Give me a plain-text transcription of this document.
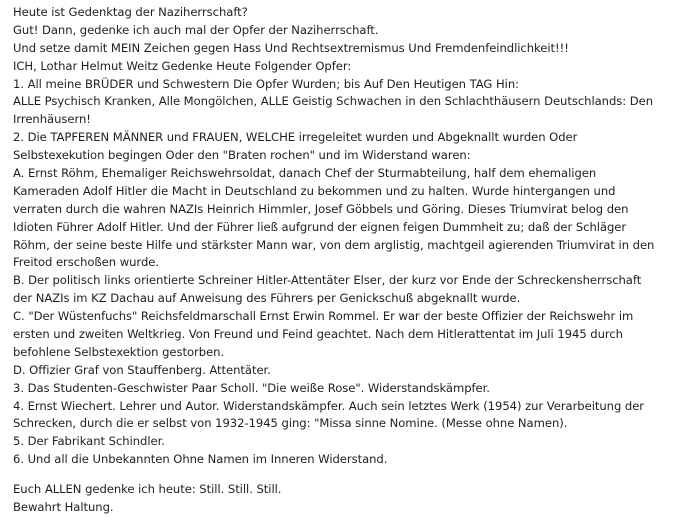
Heute ist Gedenktag der Naziherrschaft?
Gut! Dann, gedenke ich auch mal der Opfer der Naziherrschaft.
Und setze damit MEIN Zeichen gegen Hass Und Rechtsextremismus Und Fremdenfeindlichkeit!!!
ICH, Lothar Helmut Weitz Gedenke Heute Folgender Opfer:
1. All meine BRÜDER und Schwestern Die Opfer Wurden; bis Auf Den Heutigen TAG Hin:
ALLE Psychisch Kranken, Alle Mongölchen, ALLE Geistig Schwachen in den Schlachthäusern Deutschlands: Den
Irrenhäusern!
2. Die TAPFEREN MÄNNER und FRAUEN, WELCHE irregeleitet wurden und Abgeknallt wurden Oder
Selbstexekution begingen Oder den "Braten rochen" und im Widerstand waren:
A. Ernst Röhm, Ehemaliger Reichswehrsoldat, danach Chef der Sturmabteilung, half dem ehemaligen
Kameraden Adolf Hitler die Macht in Deutschland zu bekommen und zu halten. Wurde hintergangen und
verraten durch die wahren NAZIs Heinrich Himmler, Josef Göbbels und Göring. Dieses Triumvirat belog den
Idioten Führer Adolf Hitler. Und der Führer ließ aufgrund der eignen feigen Dummheit zu; daß der Schläger
Röhm, der seine beste Hilfe und stärkster Mann war, von dem arglistig, machtgeil agierenden Triumvirat in den
Freitod erschoßen wurde.
B. Der politisch links orientierte Schreiner Hitler-Attentäter Elser, der kurz vor Ende der Schreckensherrschaft
der NAZIs im KZ Dachau auf Anweisung des Führers per Genickschuß abgeknallt wurde.
C. "Der Wüstenfuchs" Reichsfeldmarschall Ernst Erwin Rommel. Er war der beste Offizier der Reichswehr im
ersten und zweiten Weltkrieg. Von Freund und Feind geachtet. Nach dem Hitlerattentat im Juli 1945 durch
befohlene Selbstexektion gestorben.
D. Offizier Graf von Stauffenberg. Attentäter.
3. Das Studenten-Geschwister Paar Scholl. "Die weiße Rose". Widerstandskämpfer.
4. Ernst Wiechert. Lehrer und Autor. Widerstandskämpfer. Auch sein letztes Werk (1954) zur Verarbeitung der
Schrecken, durch die er selbst von 1932-1945 ging: "Missa sinne Nomine. (Messe ohne Namen).
5. Der Fabrikant Schindler.
6. Und all die Unbekannten Ohne Namen im Inneren Widerstand.
Euch ALLEN gedenke ich heute: Still. Still. Still.
Bewahrt Haltung.
